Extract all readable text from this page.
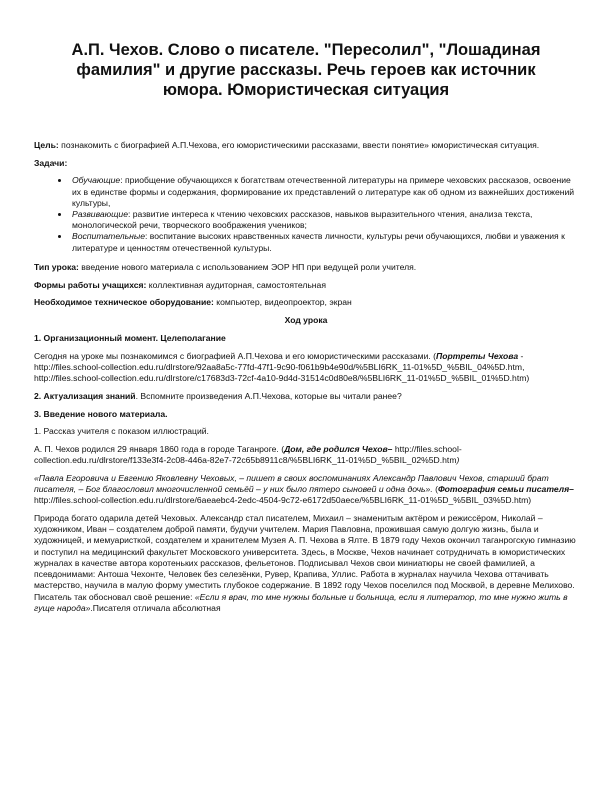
А.П. Чехов. Слово о писателе. "Пересолил", "Лошадиная фамилия" и другие рассказы. Речь героев как источник юмора. Юмористическая ситуация

Цель: познакомить с биографией А.П.Чехова, его юмористическими рассказами, ввести понятие» юмористическая ситуация.

Задачи:

• Обучающие: приобщение обучающихся к богатствам отечественной литературы на примере чеховских рассказов, освоение их в единстве формы и содержания, формирование их представлений о литературе как об одном из важнейших достижений культуры,
• Развивающие: развитие интереса к чтению чеховских рассказов, навыков выразительного чтения, анализа текста, монологической речи, творческого воображения учеников;
• Воспитательные: воспитание высоких нравственных качеств личности, культуры речи обучающихся, любви и уважения к литературе и ценностям отечественной культуры.

Тип урока: введение нового материала с использованием ЭОР НП при ведущей роли учителя.

Формы работы учащихся: коллективная аудиторная, самостоятельная

Необходимое техническое оборудование: компьютер, видеопроектор, экран

Ход урока

1. Организационный момент. Целеполагание

Сегодня на уроке мы познакомимся с биографией А.П.Чехова и его юмористическими рассказами. (Портреты Чехова -http://files.school-collection.edu.ru/dlrstore/92aa8a5c-77fd-47f1-9c90-f061b9b4e90d/%5BLI6RK_11-01%5D_%5BIL_04%5D.htm, http://files.school-collection.edu.ru/dlrstore/c17683d3-72cf-4a10-9d4d-31514c0d80e8/%5BLI6RK_11-01%5D_%5BIL_01%5D.htm)

2. Актуализация знаний. Вспомните произведения А.П.Чехова, которые вы читали ранее?

3. Введение нового материала.

1. Рассказ учителя с показом иллюстраций.

А. П. Чехов родился 29 января 1860 года в городе Таганроге. (Дом, где родился Чехов– http://files.school-collection.edu.ru/dlrstore/f133e3f4-2c08-446a-82e7-72c65b8911c8/%5BLI6RK_11-01%5D_%5BIL_02%5D.htm)

«Павла Егоровича и Евгению Яковлевну Чеховых, – пишет в своих воспоминаниях Александр Павлович Чехов, старший брат писателя, – Бог благословил многочисленной семьёй – у них было пятеро сыновей и одна дочь». (Фотография семьи писателя– http://files.school-collection.edu.ru/dlrstore/6aeaebc4-2edc-4504-9c72-e6172d50aece/%5BLI6RK_11-01%5D_%5BIL_03%5D.htm)

Природа богато одарила детей Чеховых. Александр стал писателем, Михаил – знаменитым актёром и режиссёром, Николай – художником, Иван – создателем доброй памяти, будучи учителем. Мария Павловна, прожившая самую долгую жизнь, была и художницей, и мемуаристкой, создателем и хранителем Музея А. П. Чехова в Ялте. В 1879 году Чехов окончил таганрогскую гимназию и поступил на медицинский факультет Московского университета. Здесь, в Москве, Чехов начинает сотрудничать в юмористических журналах в качестве автора коротеньких рассказов, фельетонов. Подписывал Чехов свои миниатюры не своей фамилией, а псевдонимами: Антоша Чехонте, Человек без селезёнки, Рувер, Крапива, Уллис. Работа в журналах научила Чехова оттачивать мастерство, научила в малую форму уместить глубокое содержание. В 1892 году Чехов поселился под Москвой, в деревне Мелихово. Писатель так обосновал своё решение: «Если я врач, то мне нужны больные и больница, если я литератор, то мне нужно жить в гуще народа».Писателя отличала абсолютная
